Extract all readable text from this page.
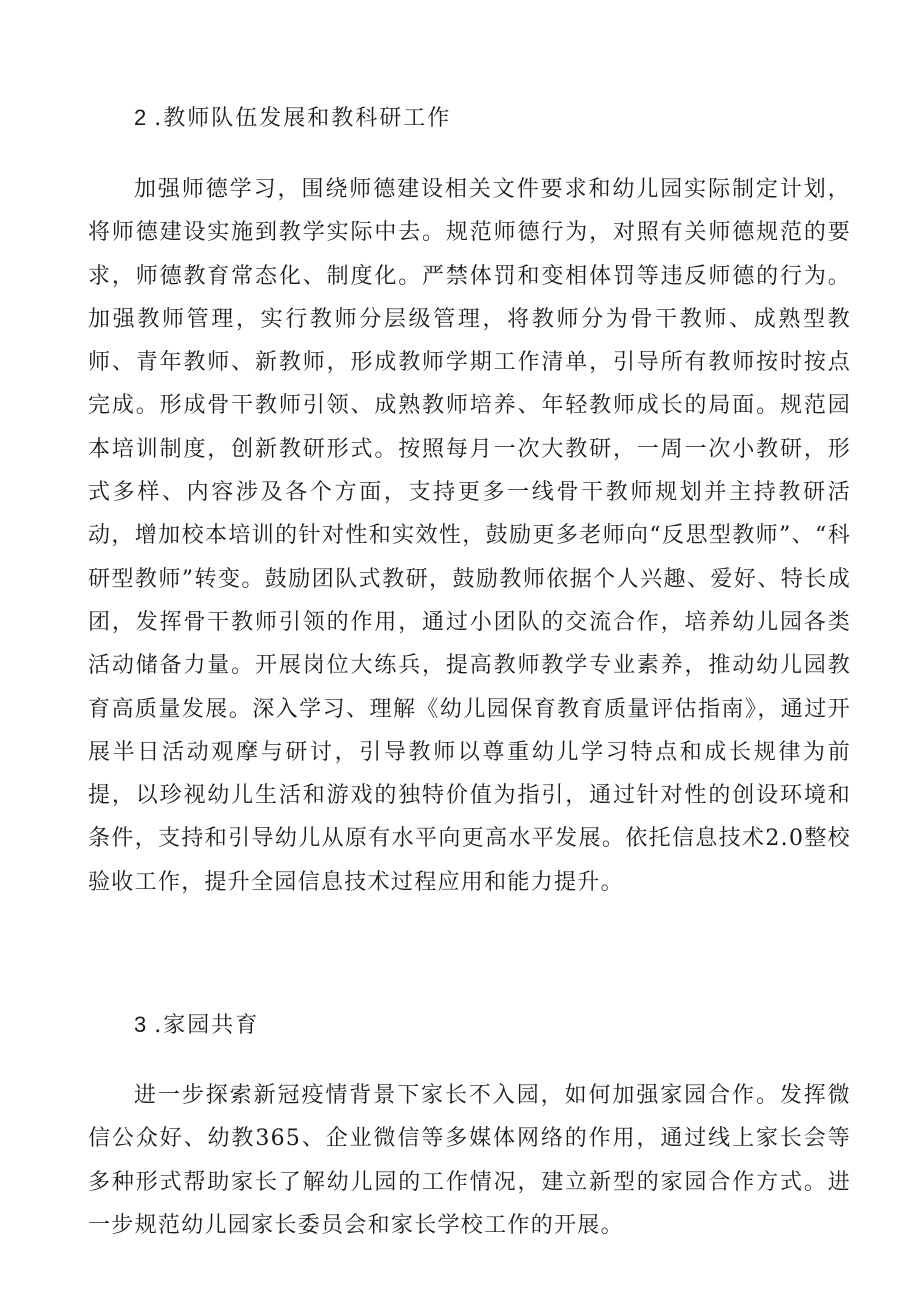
2 .教师队伍发展和教科研工作

加强师德学习，围绕师德建设相关文件要求和幼儿园实际制定计划，将师德建设实施到教学实际中去。规范师德行为，对照有关师德规范的要求，师德教育常态化、制度化。严禁体罚和变相体罚等违反师德的行为。加强教师管理，实行教师分层级管理，将教师分为骨干教师、成熟型教师、青年教师、新教师，形成教师学期工作清单，引导所有教师按时按点完成。形成骨干教师引领、成熟教师培养、年轻教师成长的局面。规范园本培训制度，创新教研形式。按照每月一次大教研，一周一次小教研，形式多样、内容涉及各个方面，支持更多一线骨干教师规划并主持教研活动，增加校本培训的针对性和实效性，鼓励更多老师向“反思型教师”、“科研型教师”转变。鼓励团队式教研，鼓励教师依据个人兴趣、爱好、特长成团，发挥骨干教师引领的作用，通过小团队的交流合作，培养幼儿园各类活动储备力量。开展岗位大练兵，提高教师教学专业素养，推动幼儿园教育高质量发展。深入学习、理解《幼儿园保育教育质量评估指南》，通过开展半日活动观摩与研讨，引导教师以尊重幼儿学习特点和成长规律为前提，以珍视幼儿生活和游戏的独特价值为指引，通过针对性的创设环境和条件，支持和引导幼儿从原有水平向更高水平发展。依托信息技术2.0整校验收工作，提升全园信息技术过程应用和能力提升。

3 .家园共育

进一步探索新冠疫情背景下家长不入园，如何加强家园合作。发挥微信公众好、幼教365、企业微信等多媒体网络的作用，通过线上家长会等多种形式帮助家长了解幼儿园的工作情况，建立新型的家园合作方式。进一步规范幼儿园家长委员会和家长学校工作的开展。
